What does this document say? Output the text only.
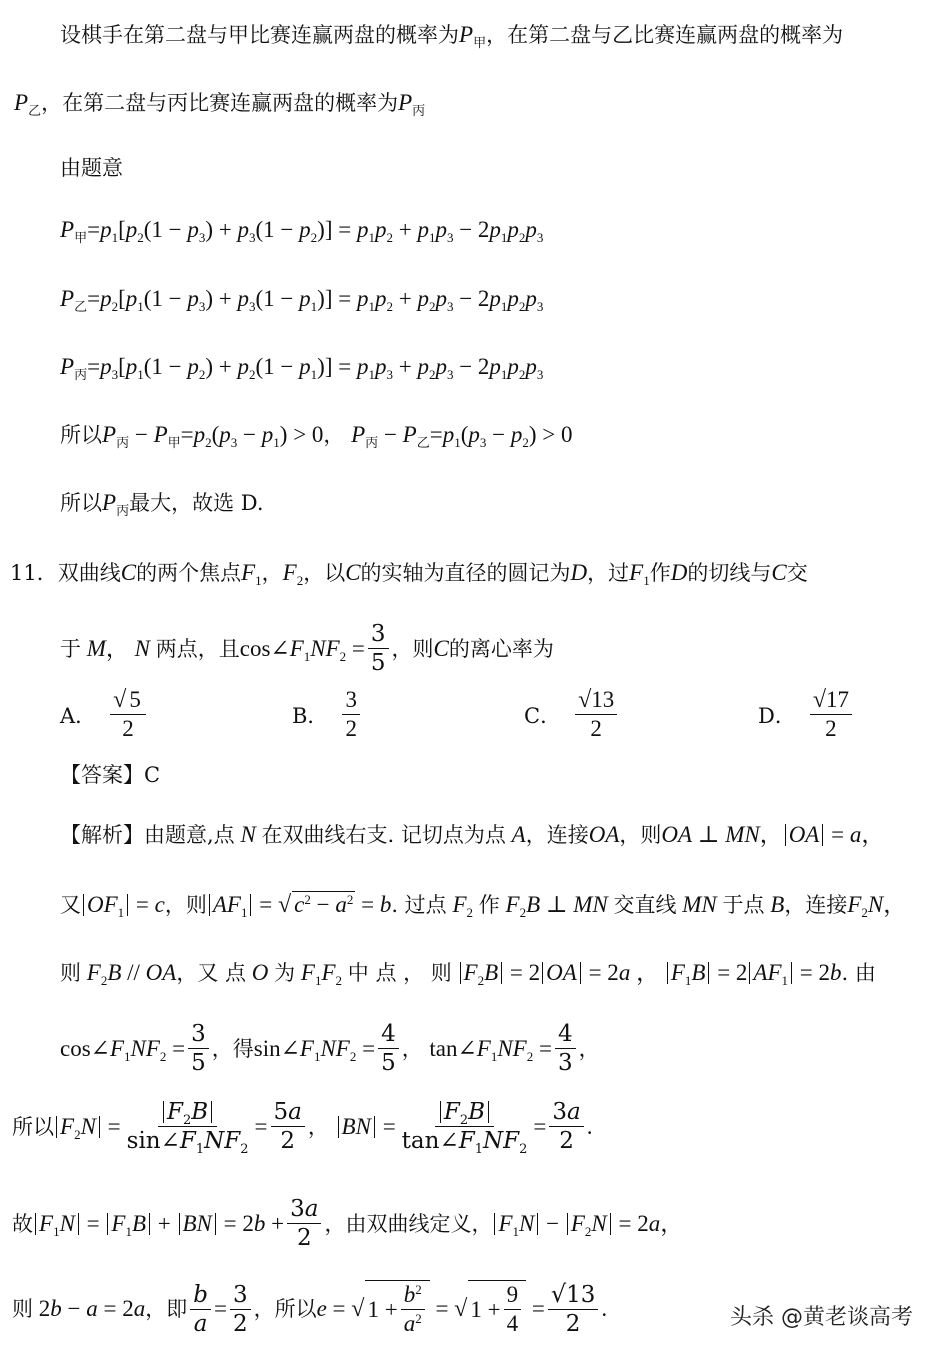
设棋手在第二盘与甲比赛连赢两盘的概率为$P_甲$，在第二盘与乙比赛连赢两盘的概率为
$P_乙$，在第二盘与丙比赛连赢两盘的概率为$P_丙$
由题意
$P_甲=p_1[p_2(1 - p_3) + p_3(1 - p_2)] = p_1p_2 + p_1p_3 - 2p_1p_2p_3$
$P_乙=p_2[p_1(1 - p_3) + p_3(1 - p_1)] = p_1p_2 + p_2p_3 - 2p_1p_2p_3$
$P_丙=p_3[p_1(1 - p_2) + p_2(1 - p_1)] = p_1p_3 + p_2p_3 - 2p_1p_2p_3$
所以$P_丙 - P_甲=p_2(p_3 - p_1) > 0$， $P_丙 - P_乙=p_1(p_3 - p_2) > 0$
所以$P_丙$最大，故选 D.
11．双曲线C的两个焦点$F_1$，$F_2$，以C的实轴为直径的圆记为D，过$F_1$作D的切线与C交
于 M， N 两点，且 $\cos\angle F_1NF_2 = \frac{3}{5}$ ，则 C 的离心率为
A． $\frac{√ 5}{2}$	B． $\frac{3}{2}$	C． $\frac{√13}{2}$	D． $\frac{√17}{2}$
【答案】C
【解析】由题意,点 N 在双曲线右支. 记切点为点 A，连接OA，则OA ⊥ MN， OA = a，
又 $OF_1 = c$，则 $AF_1$ = √ $c^2 - a^2 = b$. 过点 $F_2$ 作 $F_2B$ ⊥ MN 交直线 MN 于点 B，连接$F_2N$，
则 $F_2B$ // OA，又 点 O 为 $F_1F_2$ 中 点 ， 则 $F_2B = 2$ OA = 2a ， $F_1B = 2$ $AF_1 = 2b$. 由
$\cos\angle F_1NF_2 = \frac{3}{5}$ ，得 $\sin\angle F_1NF_2 = \frac{4}{5}$ ， $\tan\angle F_1NF_2 = \frac{4}{3}$ ，
所以 $F_2N = \frac{F_2B}{\sin\angle F_1NF_2} = \frac{5a}{2}$ ， BN = $\frac{F_2B}{\tan\angle F_1NF_2} = \frac{3a}{2}$ .
故 $F_1N = F_1B$ + BN = $2b + \frac{3a}{2}$ ，由双曲线定义， $F_1N - F_2N = 2a$，
则 2b − a = 2a ，即 $\frac{b}{a} = \frac{3}{2}$ ，所以 e = √ $1 + \frac{b^2}{a^2}$ = √ $1 + \frac{9}{4} = \frac{√13}{2}$ .	头杀 @黄老谈高考
